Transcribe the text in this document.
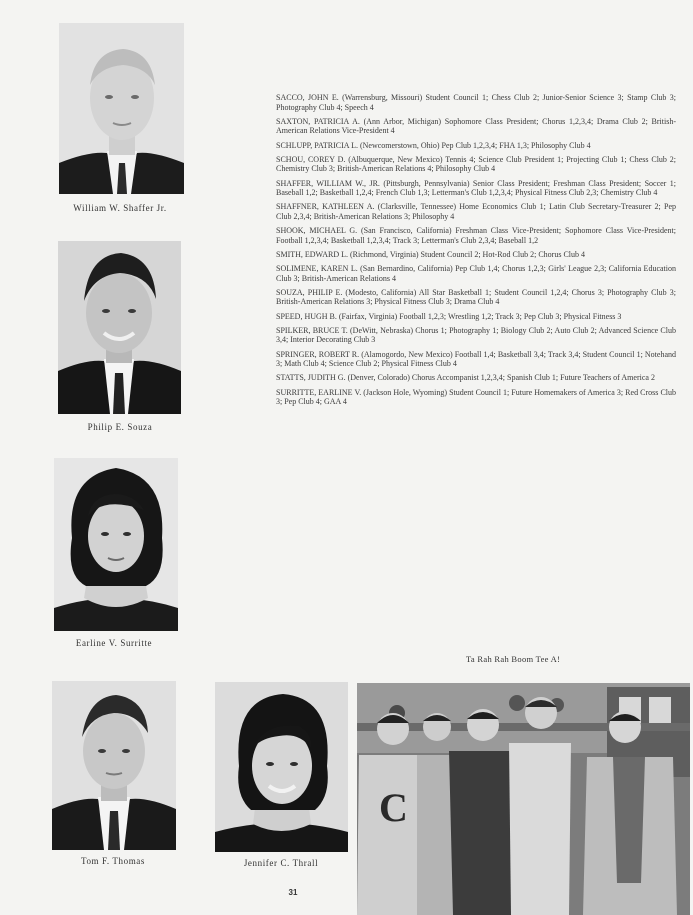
William W. Shaffer Jr.
Philip E. Souza
Earline V. Surritte
Tom F. Thomas	Jennifer C. Thrall

SACCO, JOHN E. (Warrensburg, Missouri) Student Council 1; Chess Club 2; Junior-Senior Science 3; Stamp Club 3; Photography Club 4; Speech 4

SAXTON, PATRICIA A. (Ann Arbor, Michigan) Sophomore Class President; Chorus 1,2,3,4; Drama Club 2; British-American Relations Vice-President 4

SCHLUPP, PATRICIA L. (Newcomerstown, Ohio) Pep Club 1,2,3,4; FHA 1,3; Philosophy Club 4

SCHOU, COREY D. (Albuquerque, New Mexico) Tennis 4; Science Club President 1; Projecting Club 1; Chess Club 2; Chemistry Club 3; British-American Relations 4; Philosophy Club 4

SHAFFER, WILLIAM W., JR. (Pittsburgh, Pennsylvania) Senior Class President; Freshman Class President; Soccer 1; Baseball 1,2; Basketball 1,2,4; French Club 1,3; Letterman's Club 1,2,3,4; Physical Fitness Club 2,3; Chemistry Club 4

SHAFFNER, KATHLEEN A. (Clarksville, Tennessee) Home Economics Club 1; Latin Club Secretary-Treasurer 2; Pep Club 2,3,4; British-American Relations 3; Philosophy 4

SHOOK, MICHAEL G. (San Francisco, California) Freshman Class Vice-President; Sophomore Class Vice-President; Football 1,2,3,4; Basketball 1,2,3,4; Track 3; Letterman's Club 2,3,4; Baseball 1,2

SMITH, EDWARD L. (Richmond, Virginia) Student Council 2; Hot-Rod Club 2; Chorus Club 4

SOLIMENE, KAREN L. (San Bernardino, California) Pep Club 1,4; Chorus 1,2,3; Girls' League 2,3; California Education Club 3; British-American Relations 4

SOUZA, PHILIP E. (Modesto, California) All Star Basketball 1; Student Council 1,2,4; Chorus 3; Photography Club 3; British-American Relations 3; Physical Fitness Club 3; Drama Club 4

SPEED, HUGH B. (Fairfax, Virginia) Football 1,2,3; Wrestling 1,2; Track 3; Pep Club 3; Physical Fitness 3

SPILKER, BRUCE T. (DeWitt, Nebraska) Chorus 1; Photography 1; Biology Club 2; Auto Club 2; Advanced Science Club 3,4; Interior Decorating Club 3

SPRINGER, ROBERT R. (Alamogordo, New Mexico) Football 1,4; Basketball 3,4; Track 3,4; Student Council 1; Notehand 3; Math Club 4; Science Club 2; Physical Fitness Club 4

STATTS, JUDITH G. (Denver, Colorado) Chorus Accompanist 1,2,3,4; Spanish Club 1; Future Teachers of America 2

SURRITTE, EARLINE V. (Jackson Hole, Wyoming) Student Council 1; Future Homemakers of America 3; Red Cross Club 3; Pep Club 4; GAA 4

Ta Rah Rah Boom Tee A!
C
31
